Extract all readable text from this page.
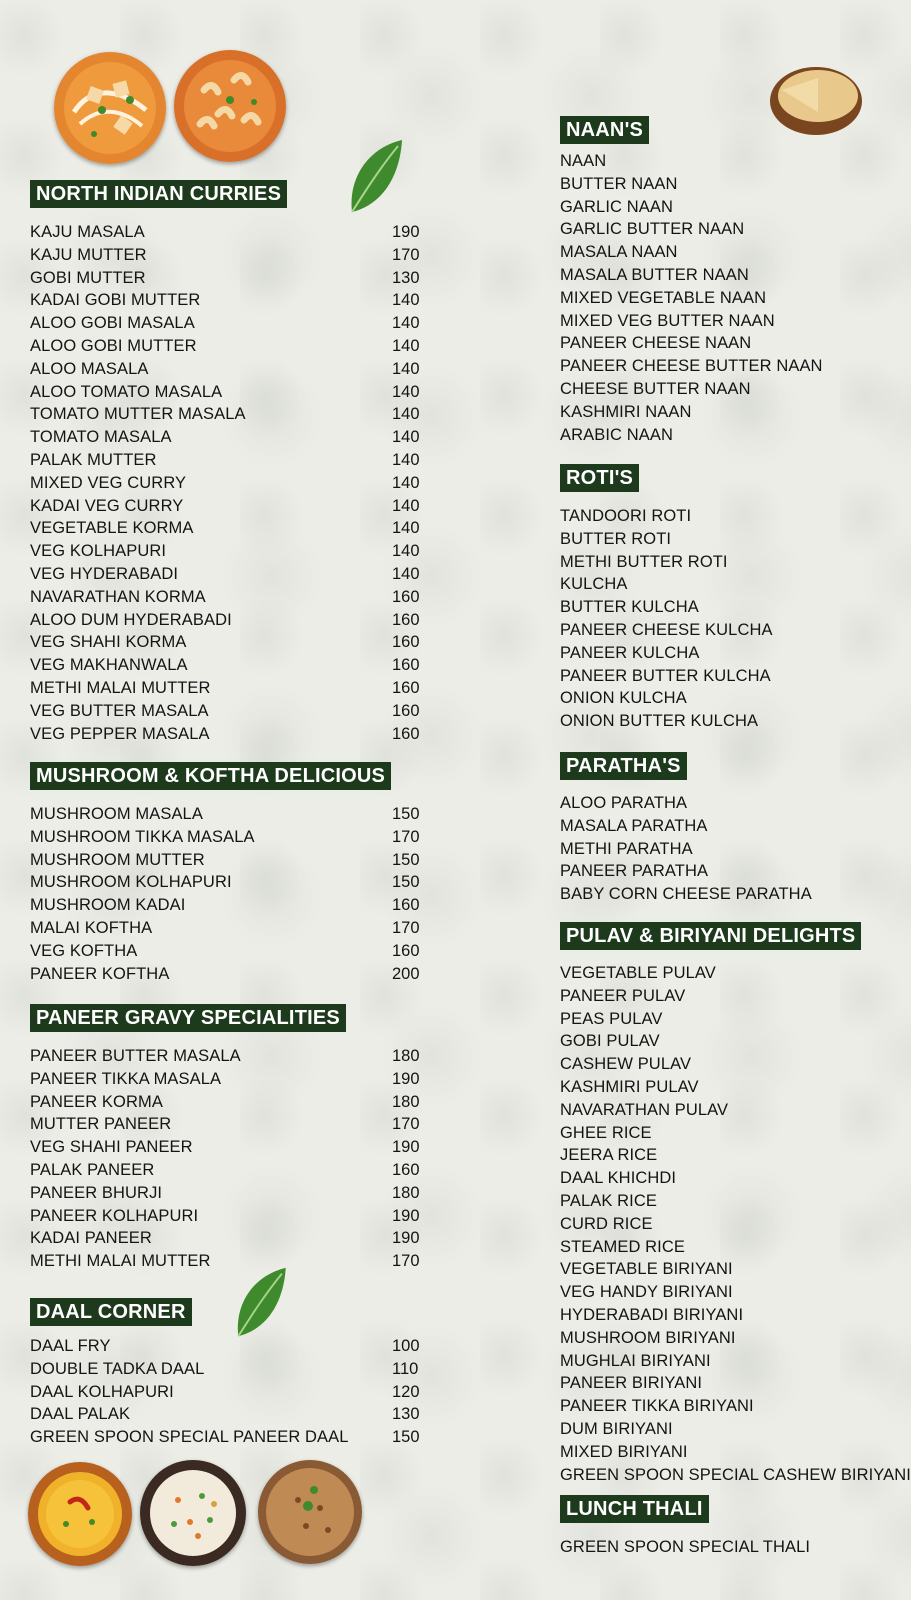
NORTH INDIAN CURRIES
KAJU MASALA	190
KAJU MUTTER	170
GOBI MUTTER	130
KADAI GOBI MUTTER	140
ALOO GOBI MASALA	140
ALOO GOBI MUTTER	140
ALOO MASALA	140
ALOO TOMATO MASALA	140
TOMATO MUTTER MASALA	140
TOMATO MASALA	140
PALAK MUTTER	140
MIXED VEG CURRY	140
KADAI VEG CURRY	140
VEGETABLE KORMA	140
VEG KOLHAPURI	140
VEG HYDERABADI	140
NAVARATHAN KORMA	160
ALOO DUM HYDERABADI	160
VEG SHAHI KORMA	160
VEG MAKHANWALA	160
METHI MALAI MUTTER	160
VEG BUTTER MASALA	160
VEG PEPPER MASALA	160
MUSHROOM & KOFTHA DELICIOUS
MUSHROOM MASALA	150
MUSHROOM TIKKA MASALA	170
MUSHROOM MUTTER	150
MUSHROOM KOLHAPURI	150
MUSHROOM KADAI	160
MALAI KOFTHA	170
VEG KOFTHA	160
PANEER KOFTHA	200
PANEER GRAVY SPECIALITIES
PANEER BUTTER MASALA	180
PANEER TIKKA MASALA	190
PANEER KORMA	180
MUTTER PANEER	170
VEG SHAHI PANEER	190
PALAK PANEER	160
PANEER BHURJI	180
PANEER KOLHAPURI	190
KADAI PANEER	190
METHI MALAI MUTTER	170
DAAL CORNER
DAAL FRY	100
DOUBLE TADKA DAAL	110
DAAL KOLHAPURI	120
DAAL PALAK	130
GREEN SPOON SPECIAL PANEER DAAL	150
NAAN'S
NAAN
BUTTER NAAN
GARLIC NAAN
GARLIC BUTTER NAAN
MASALA NAAN
MASALA BUTTER NAAN
MIXED VEGETABLE NAAN
MIXED VEG BUTTER NAAN
PANEER CHEESE NAAN
PANEER CHEESE BUTTER NAAN
CHEESE BUTTER NAAN
KASHMIRI NAAN
ARABIC NAAN
ROTI'S
TANDOORI ROTI
BUTTER ROTI
METHI BUTTER ROTI
KULCHA
BUTTER KULCHA
PANEER CHEESE KULCHA
PANEER KULCHA
PANEER BUTTER KULCHA
ONION KULCHA
ONION BUTTER KULCHA
PARATHA'S
ALOO PARATHA
MASALA PARATHA
METHI PARATHA
PANEER PARATHA
BABY CORN CHEESE PARATHA
PULAV & BIRIYANI DELIGHTS
VEGETABLE PULAV
PANEER PULAV
PEAS PULAV
GOBI PULAV
CASHEW PULAV
KASHMIRI PULAV
NAVARATHAN PULAV
GHEE RICE
JEERA RICE
DAAL KHICHDI
PALAK RICE
CURD RICE
STEAMED RICE
VEGETABLE BIRIYANI
VEG HANDY BIRIYANI
HYDERABADI BIRIYANI
MUSHROOM BIRIYANI
MUGHLAI BIRIYANI
PANEER BIRIYANI
PANEER TIKKA BIRIYANI
DUM BIRIYANI
MIXED BIRIYANI
GREEN SPOON SPECIAL CASHEW BIRIYANI
LUNCH THALI
GREEN SPOON SPECIAL THALI
